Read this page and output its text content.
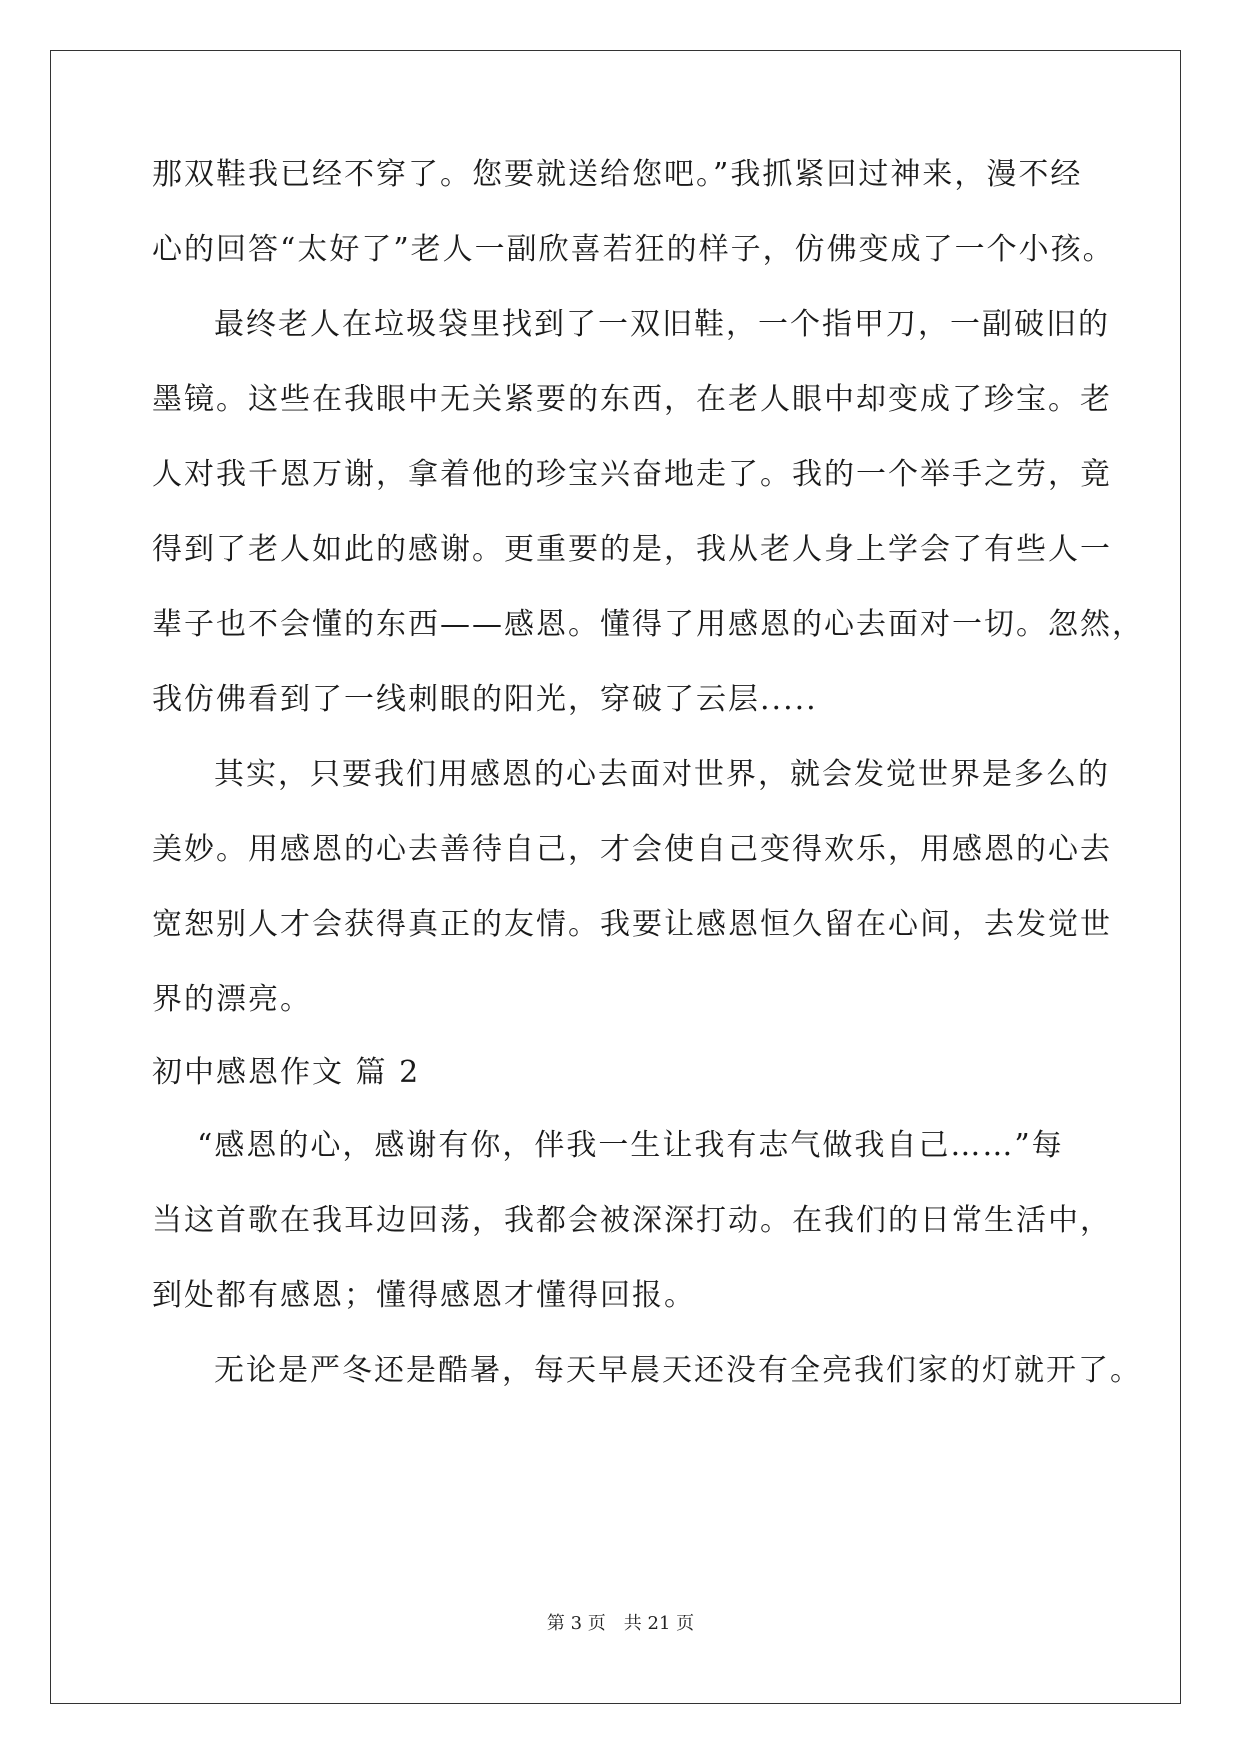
那双鞋我已经不穿了。您要就送给您吧。”我抓紧回过神来，漫不经
心的回答“太好了”老人一副欣喜若狂的样子，仿佛变成了一个小孩。
最终老人在垃圾袋里找到了一双旧鞋，一个指甲刀，一副破旧的
墨镜。这些在我眼中无关紧要的东西，在老人眼中却变成了珍宝。老
人对我千恩万谢，拿着他的珍宝兴奋地走了。我的一个举手之劳，竟
得到了老人如此的感谢。更重要的是，我从老人身上学会了有些人一
辈子也不会懂的东西——感恩。懂得了用感恩的心去面对一切。忽然，
我仿佛看到了一线刺眼的阳光，穿破了云层.....
其实，只要我们用感恩的心去面对世界，就会发觉世界是多么的
美妙。用感恩的心去善待自己，才会使自己变得欢乐，用感恩的心去
宽恕别人才会获得真正的友情。我要让感恩恒久留在心间，去发觉世
界的漂亮。
初中感恩作文 篇 2
“感恩的心，感谢有你，伴我一生让我有志气做我自己……”每
当这首歌在我耳边回荡，我都会被深深打动。在我们的日常生活中，
到处都有感恩；懂得感恩才懂得回报。
无论是严冬还是酷暑，每天早晨天还没有全亮我们家的灯就开了。
第 3 页 共 21 页
